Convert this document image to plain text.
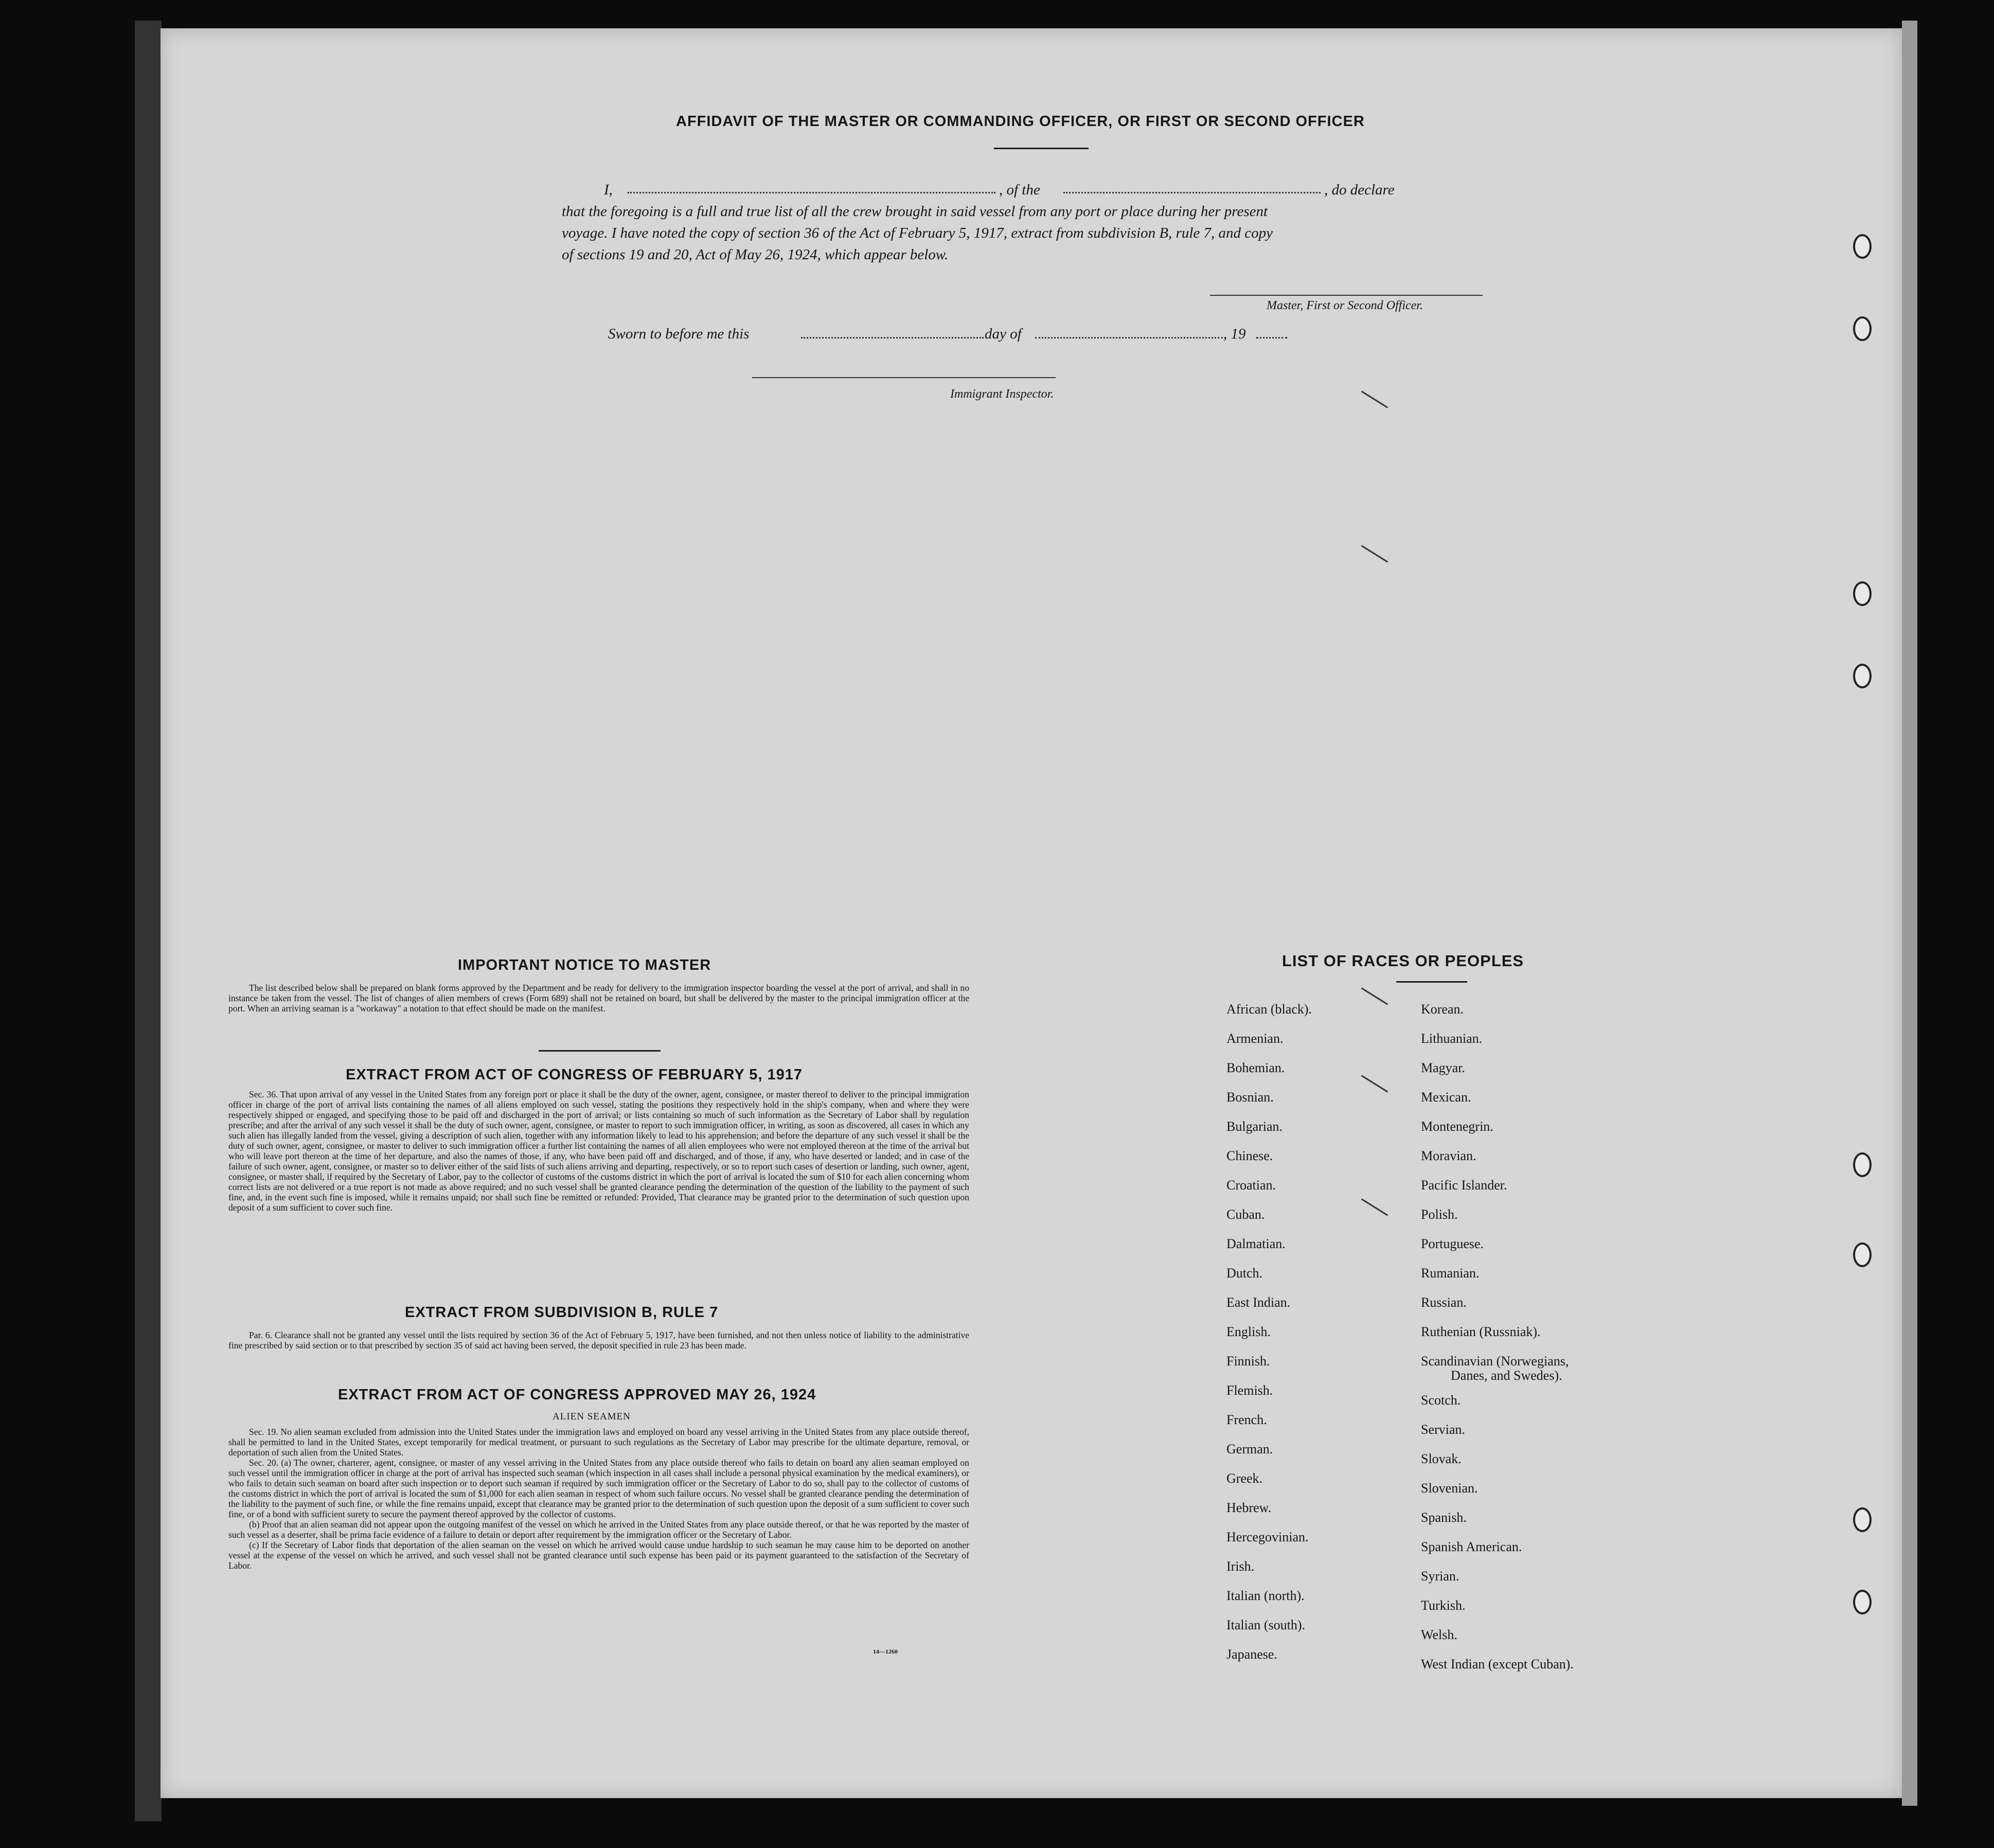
AFFIDAVIT OF THE MASTER OR COMMANDING OFFICER, OR FIRST OR SECOND OFFICER
I,	, of the	, do declare
that the foregoing is a full and true list of all the crew brought in said vessel from any port or place during her present
voyage. I have noted the copy of section 36 of the Act of February 5, 1917, extract from subdivision B, rule 7, and copy
of sections 19 and 20, Act of May 26, 1924, which appear below.
Master, First or Second Officer.
Sworn to before me this	day of	, 19
Immigrant Inspector.
IMPORTANT NOTICE TO MASTER

The list described below shall be prepared on blank forms approved by the Department and be ready for delivery to the immigration inspector boarding the vessel at the port of arrival, and shall in no instance be taken from the vessel. The list of changes of alien members of crews (Form 689) shall not be retained on board, but shall be delivered by the master to the principal immigration officer at the port. When an arriving seaman is a "workaway" a notation to that effect should be made on the manifest.

EXTRACT FROM ACT OF CONGRESS OF FEBRUARY 5, 1917

Sec. 36. That upon arrival of any vessel in the United States from any foreign port or place it shall be the duty of the owner, agent, consignee, or master thereof to deliver to the principal immigration officer in charge of the port of arrival lists containing the names of all aliens employed on such vessel, stating the positions they respectively hold in the ship's company, when and where they were respectively shipped or engaged, and specifying those to be paid off and discharged in the port of arrival; or lists containing so much of such information as the Secretary of Labor shall by regulation prescribe; and after the arrival of any such vessel it shall be the duty of such owner, agent, consignee, or master to report to such immigration officer, in writing, as soon as discovered, all cases in which any such alien has illegally landed from the vessel, giving a description of such alien, together with any information likely to lead to his apprehension; and before the departure of any such vessel it shall be the duty of such owner, agent, consignee, or master to deliver to such immigration officer a further list containing the names of all alien employees who were not employed thereon at the time of the arrival but who will leave port thereon at the time of her departure, and also the names of those, if any, who have been paid off and discharged, and of those, if any, who have deserted or landed; and in case of the failure of such owner, agent, consignee, or master so to deliver either of the said lists of such aliens arriving and departing, respectively, or so to report such cases of desertion or landing, such owner, agent, consignee, or master shall, if required by the Secretary of Labor, pay to the collector of customs of the customs district in which the port of arrival is located the sum of $10 for each alien concerning whom correct lists are not delivered or a true report is not made as above required; and no such vessel shall be granted clearance pending the determination of the question of the liability to the payment of such fine, and, in the event such fine is imposed, while it remains unpaid; nor shall such fine be remitted or refunded: Provided, That clearance may be granted prior to the determination of such question upon deposit of a sum sufficient to cover such fine.

EXTRACT FROM SUBDIVISION B, RULE 7

Par. 6. Clearance shall not be granted any vessel until the lists required by section 36 of the Act of February 5, 1917, have been furnished, and not then unless notice of liability to the administrative fine prescribed by said section or to that prescribed by section 35 of said act having been served, the deposit specified in rule 23 has been made.

EXTRACT FROM ACT OF CONGRESS APPROVED MAY 26, 1924
ALIEN SEAMEN

Sec. 19. No alien seaman excluded from admission into the United States under the immigration laws and employed on board any vessel arriving in the United States from any place outside thereof, shall be permitted to land in the United States, except temporarily for medical treatment, or pursuant to such regulations as the Secretary of Labor may prescribe for the ultimate departure, removal, or deportation of such alien from the United States.

Sec. 20. (a) The owner, charterer, agent, consignee, or master of any vessel arriving in the United States from any place outside thereof who fails to detain on board any alien seaman employed on such vessel until the immigration officer in charge at the port of arrival has inspected such seaman (which inspection in all cases shall include a personal physical examination by the medical examiners), or who fails to detain such seaman on board after such inspection or to deport such seaman if required by such immigration officer or the Secretary of Labor to do so, shall pay to the collector of customs of the customs district in which the port of arrival is located the sum of $1,000 for each alien seaman in respect of whom such failure occurs. No vessel shall be granted clearance pending the determination of the liability to the payment of such fine, or while the fine remains unpaid, except that clearance may be granted prior to the determination of such question upon the deposit of a sum sufficient to cover such fine, or of a bond with sufficient surety to secure the payment thereof approved by the collector of customs.

(b) Proof that an alien seaman did not appear upon the outgoing manifest of the vessel on which he arrived in the United States from any place outside thereof, or that he was reported by the master of such vessel as a deserter, shall be prima facie evidence of a failure to detain or deport after requirement by the immigration officer or the Secretary of Labor.

(c) If the Secretary of Labor finds that deportation of the alien seaman on the vessel on which he arrived would cause undue hardship to such seaman he may cause him to be deported on another vessel at the expense of the vessel on which he arrived, and such vessel shall not be granted clearance until such expense has been paid or its payment guaranteed to the satisfaction of the Secretary of Labor.

14—1260
LIST OF RACES OR PEOPLES
African (black).
Armenian.
Bohemian.
Bosnian.
Bulgarian.
Chinese.
Croatian.
Cuban.
Dalmatian.
Dutch.
East Indian.
English.
Finnish.
Flemish.
French.
German.
Greek.
Hebrew.
Hercegovinian.
Irish.
Italian (north).
Italian (south).
Japanese.
Korean.
Lithuanian.
Magyar.
Mexican.
Montenegrin.
Moravian.
Pacific Islander.
Polish.
Portuguese.
Rumanian.
Russian.
Ruthenian (Russniak).
Scandinavian (Norwegians,
Danes, and Swedes).
Scotch.
Servian.
Slovak.
Slovenian.
Spanish.
Spanish American.
Syrian.
Turkish.
Welsh.
West Indian (except Cuban).
